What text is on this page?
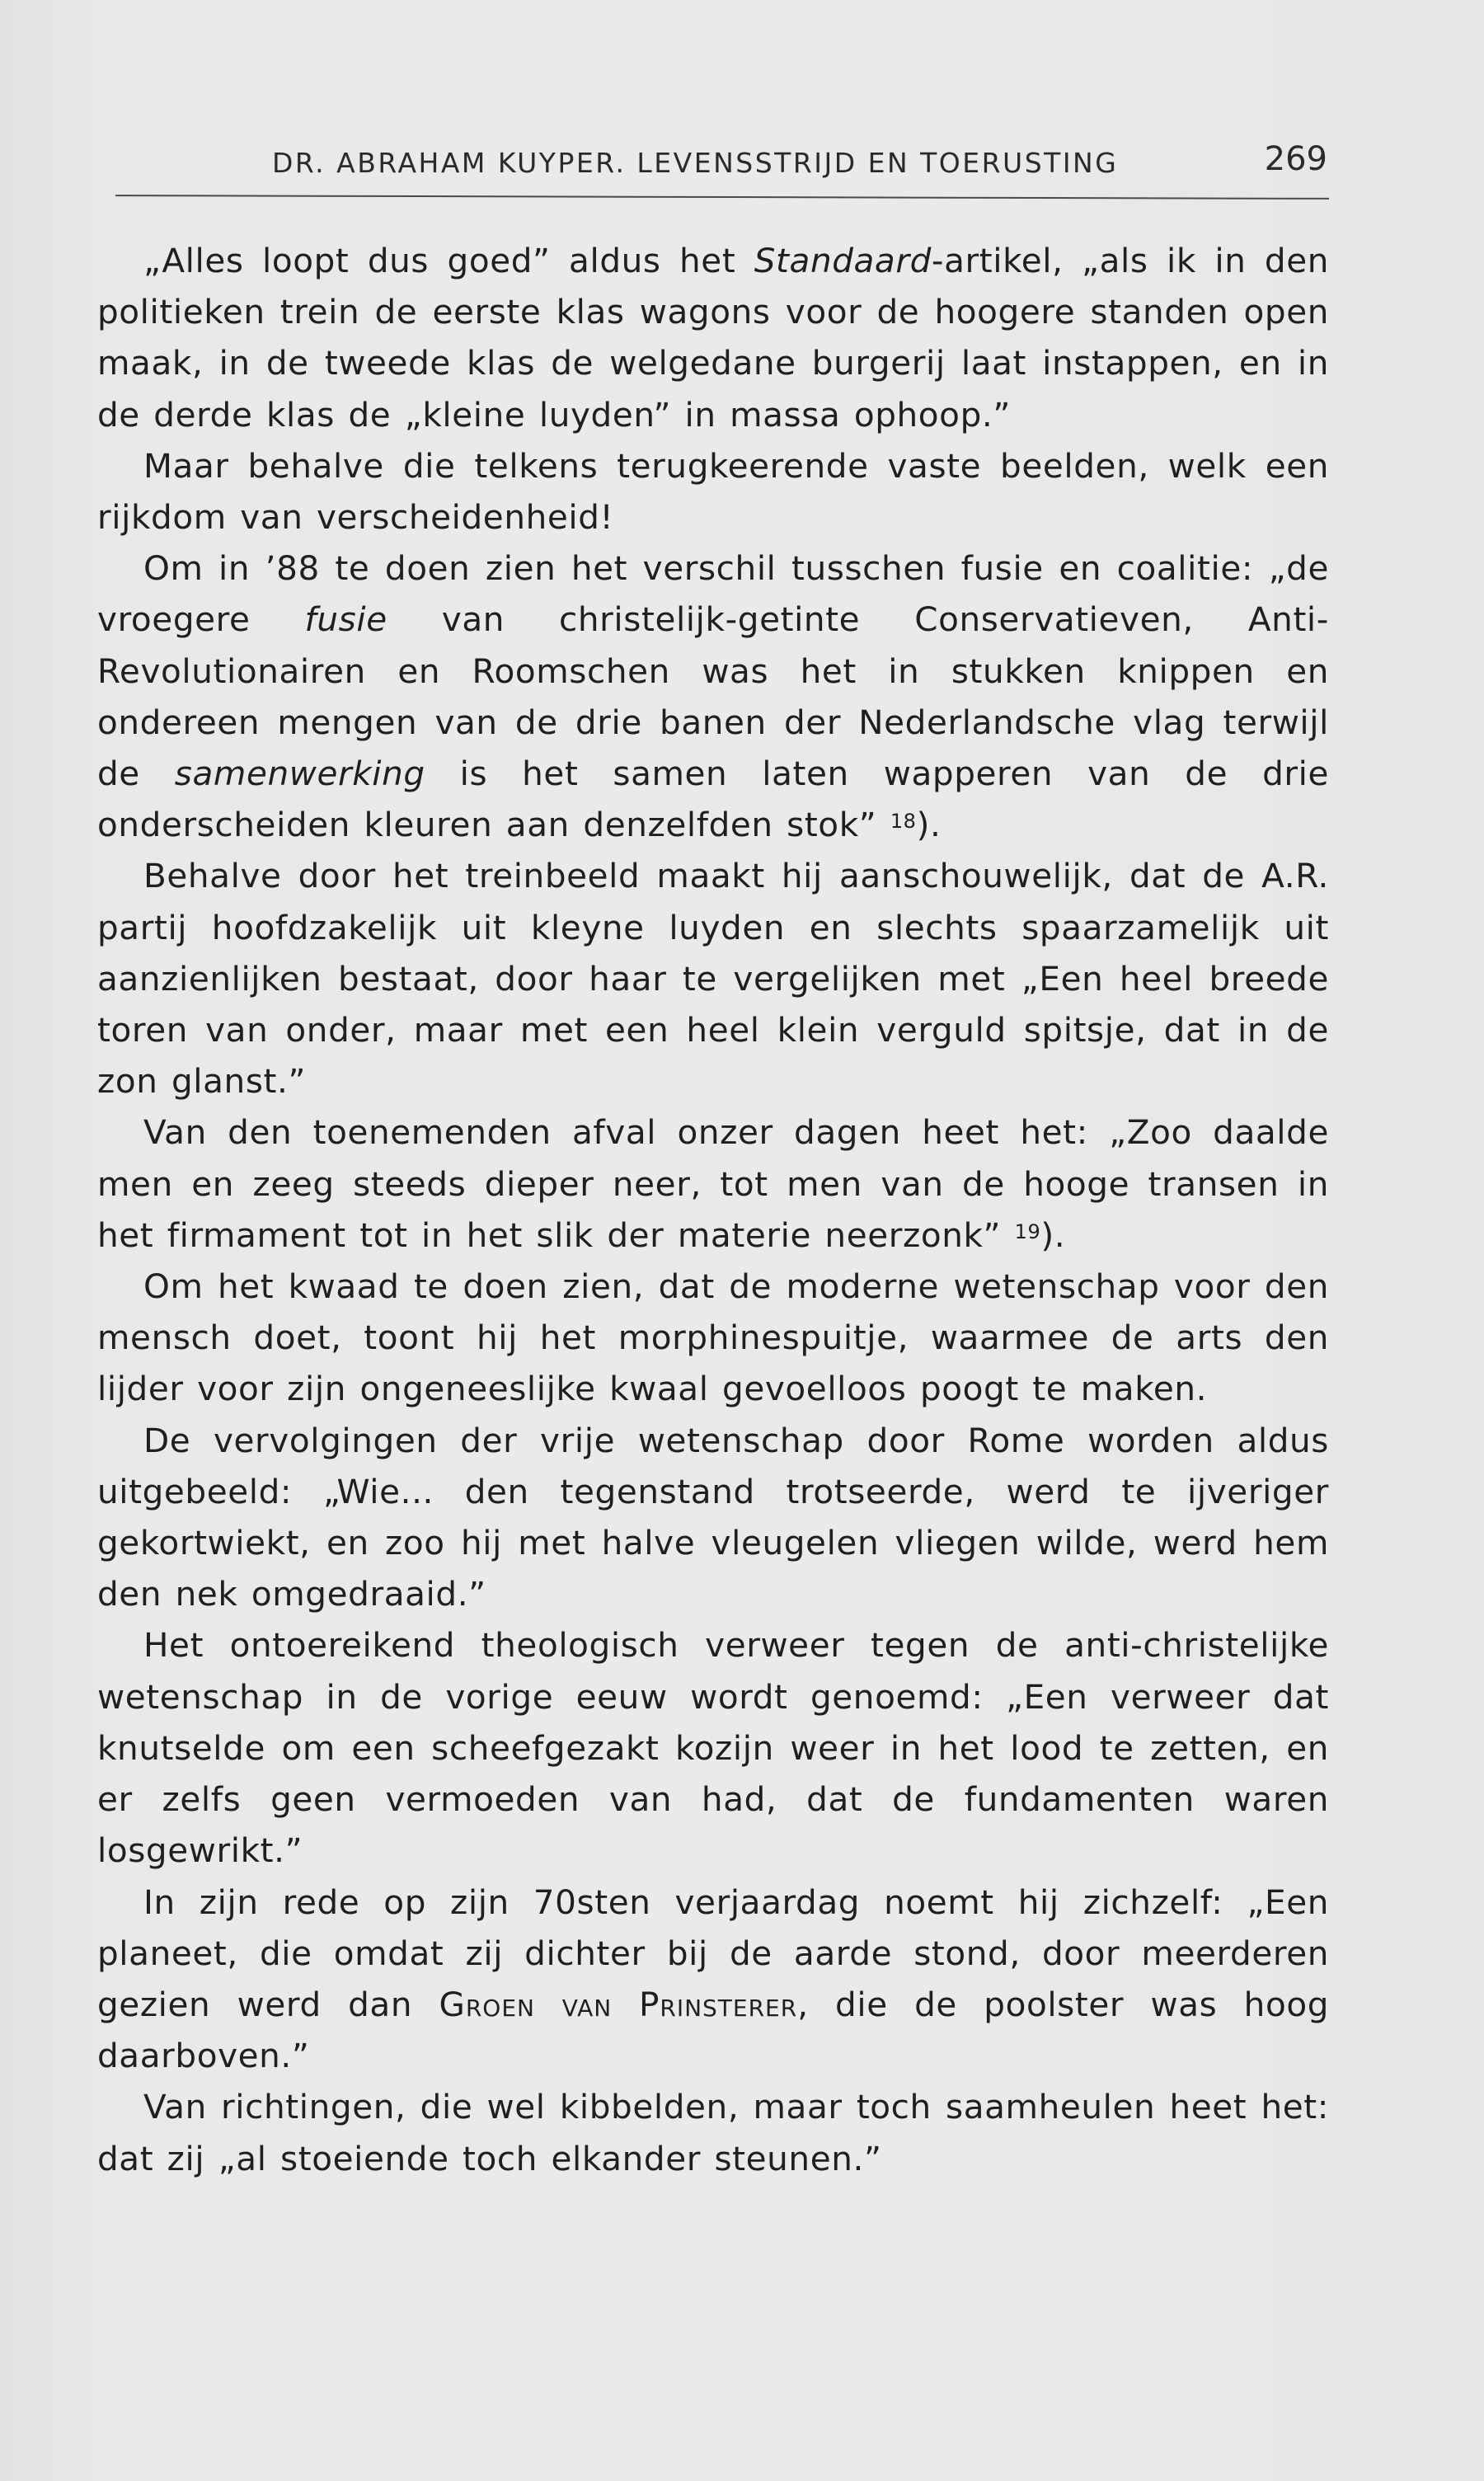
DR. ABRAHAM KUYPER. LEVENSSTRIJD EN TOERUSTING	269

„Alles loopt dus goed” aldus het Standaard-artikel, „als ik in den politieken trein de eerste klas wagons voor de hoogere standen open maak, in de tweede klas de welgedane burgerij laat instappen, en in de derde klas de „kleine luyden” in massa ophoop.”

Maar behalve die telkens terugkeerende vaste beelden, welk een rijkdom van verscheidenheid!

Om in ’88 te doen zien het verschil tusschen fusie en coalitie: „de vroegere fusie van christelijk-getinte Conservatieven, Anti-Revolutionairen en Roomschen was het in stukken knippen en ondereen mengen van de drie banen der Nederlandsche vlag terwijl de samenwerking is het samen laten wapperen van de drie onderscheiden kleuren aan denzelfden stok” $^{18}$).

Behalve door het treinbeeld maakt hij aanschouwelijk, dat de A.R. partij hoofdzakelijk uit kleyne luyden en slechts spaarzamelijk uit aanzienlijken bestaat, door haar te vergelijken met „Een heel breede toren van onder, maar met een heel klein verguld spitsje, dat in de zon glanst.”

Van den toenemenden afval onzer dagen heet het: „Zoo daalde men en zeeg steeds dieper neer, tot men van de hooge transen in het firmament tot in het slik der materie neerzonk” $^{19}$).

Om het kwaad te doen zien, dat de moderne wetenschap voor den mensch doet, toont hij het morphinespuitje, waarmee de arts den lijder voor zijn ongeneeslijke kwaal gevoelloos poogt te maken.

De vervolgingen der vrije wetenschap door Rome worden aldus uitgebeeld: „Wie... den tegenstand trotseerde, werd te ijveriger gekortwiekt, en zoo hij met halve vleugelen vliegen wilde, werd hem den nek omgedraaid.”

Het ontoereikend theologisch verweer tegen de anti-christelijke wetenschap in de vorige eeuw wordt genoemd: „Een verweer dat knutselde om een scheefgezakt kozijn weer in het lood te zetten, en er zelfs geen vermoeden van had, dat de fundamenten waren losgewrikt.”

In zijn rede op zijn 70sten verjaardag noemt hij zichzelf: „Een planeet, die omdat zij dichter bij de aarde stond, door meerderen gezien werd dan Groen van Prinsterer, die de poolster was hoog daarboven.”

Van richtingen, die wel kibbelden, maar toch saamheulen heet het: dat zij „al stoeiende toch elkander steunen.”
